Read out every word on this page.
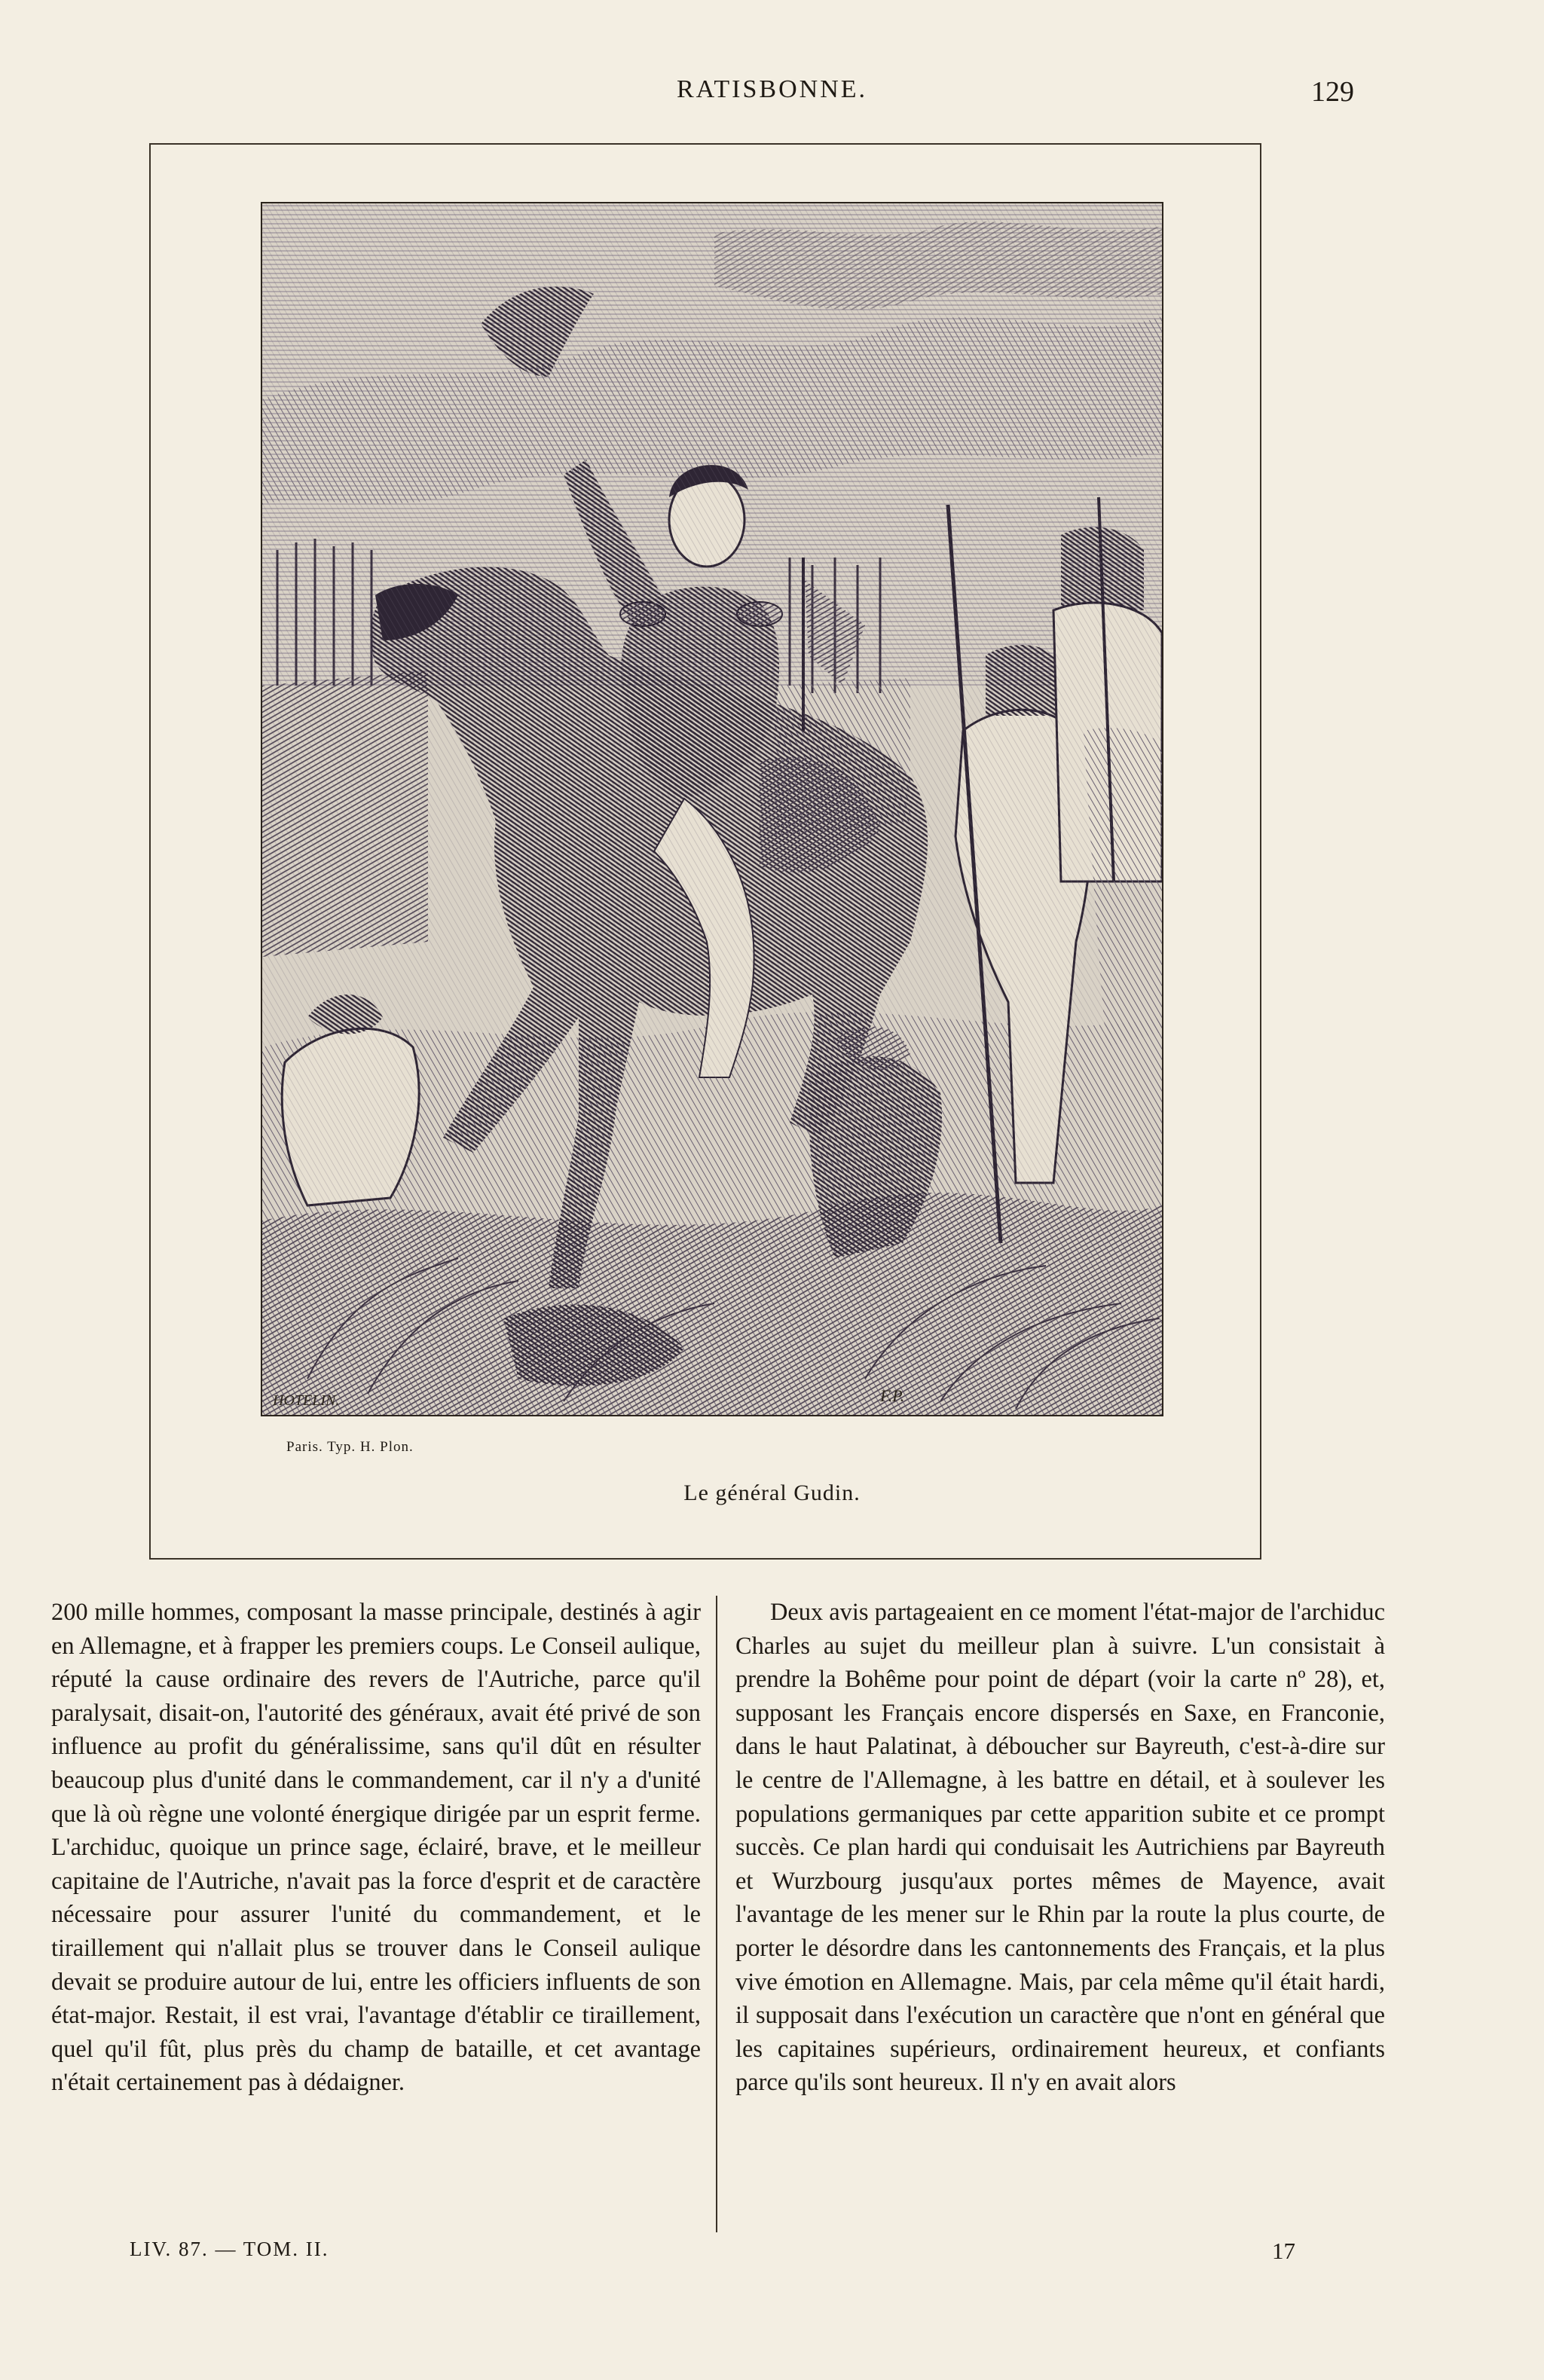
RATISBONNE.	129
HOTELIN.	F.P.
Paris. Typ. H. Plon.
Le général Gudin.

200 mille hommes, composant la masse principale, destinés à agir en Allemagne, et à frapper les premiers coups. Le Conseil aulique, réputé la cause ordinaire des revers de l'Autriche, parce qu'il paralysait, disait-on, l'autorité des généraux, avait été privé de son influence au profit du généralissime, sans qu'il dût en résulter beaucoup plus d'unité dans le commandement, car il n'y a d'unité que là où règne une volonté énergique dirigée par un esprit ferme. L'archiduc, quoique un prince sage, éclairé, brave, et le meilleur capitaine de l'Autriche, n'avait pas la force d'esprit et de caractère nécessaire pour assurer l'unité du commandement, et le tiraillement qui n'allait plus se trouver dans le Conseil aulique devait se produire autour de lui, entre les officiers influents de son état-major. Restait, il est vrai, l'avantage d'établir ce tiraillement, quel qu'il fût, plus près du champ de bataille, et cet avantage n'était certainement pas à dédaigner.

Deux avis partageaient en ce moment l'état-major de l'archiduc Charles au sujet du meilleur plan à suivre. L'un consistait à prendre la Bohême pour point de départ (voir la carte nº 28), et, supposant les Français encore dispersés en Saxe, en Franconie, dans le haut Palatinat, à déboucher sur Bayreuth, c'est-à-dire sur le centre de l'Allemagne, à les battre en détail, et à soulever les populations germaniques par cette apparition subite et ce prompt succès. Ce plan hardi qui conduisait les Autrichiens par Bayreuth et Wurzbourg jusqu'aux portes mêmes de Mayence, avait l'avantage de les mener sur le Rhin par la route la plus courte, de porter le désordre dans les cantonnements des Français, et la plus vive émotion en Allemagne. Mais, par cela même qu'il était hardi, il supposait dans l'exécution un caractère que n'ont en général que les capitaines supérieurs, ordinairement heureux, et confiants parce qu'ils sont heureux. Il n'y en avait alors

LIV. 87. — TOM. II.	17
